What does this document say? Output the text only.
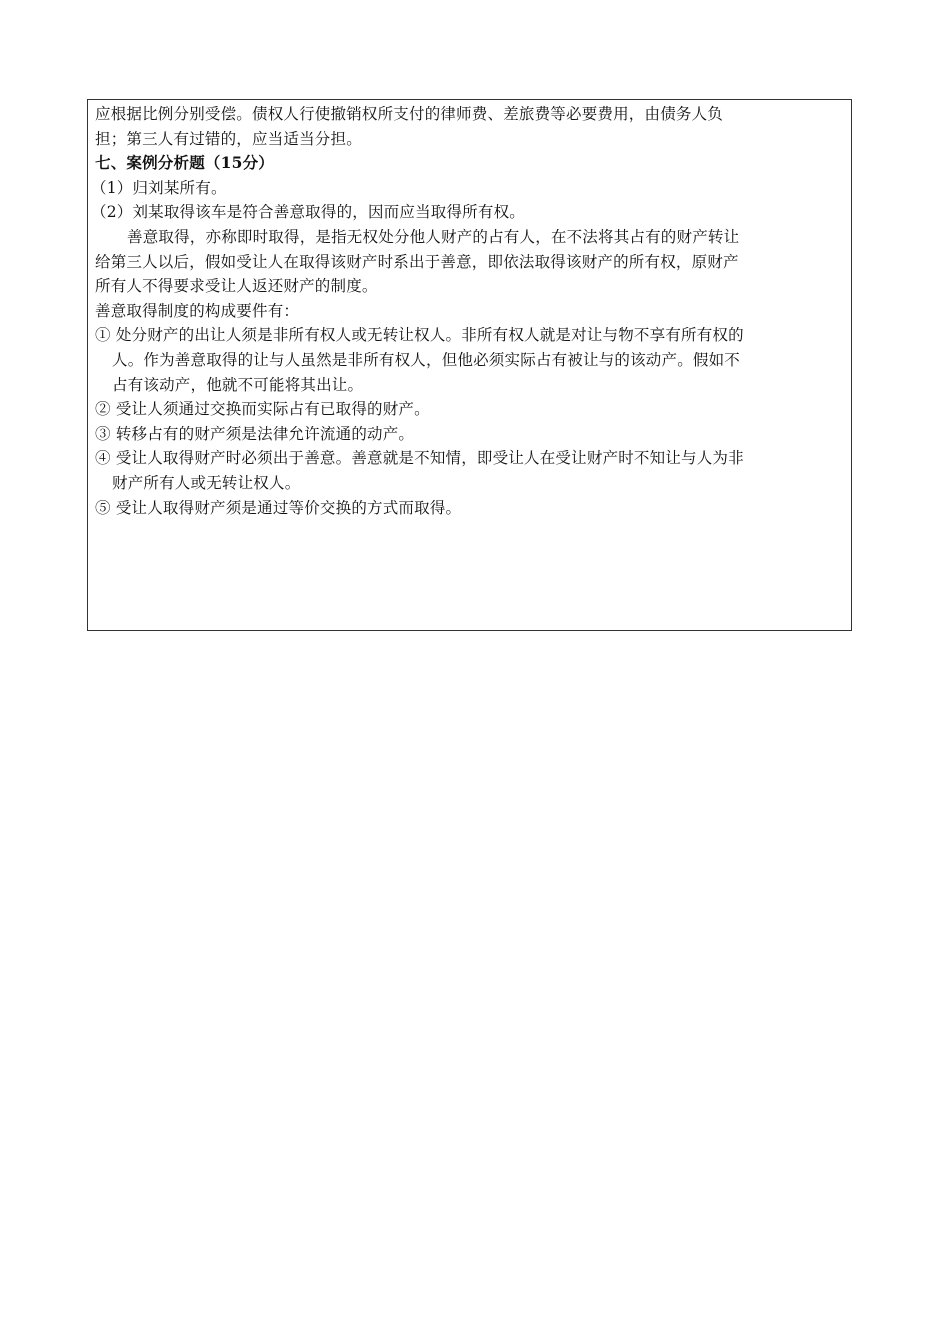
应根据比例分别受偿。债权人行使撤销权所支付的律师费、差旅费等必要费用，由债务人负
担；第三人有过错的，应当适当分担。
七、案例分析题（15分）
（1）归刘某所有。
（2）刘某取得该车是符合善意取得的，因而应当取得所有权。
善意取得，亦称即时取得，是指无权处分他人财产的占有人，在不法将其占有的财产转让
给第三人以后，假如受让人在取得该财产时系出于善意，即依法取得该财产的所有权，原财产
所有人不得要求受让人返还财产的制度。
善意取得制度的构成要件有：
① 处分财产的出让人须是非所有权人或无转让权人。非所有权人就是对让与物不享有所有权的
人。作为善意取得的让与人虽然是非所有权人，但他必须实际占有被让与的该动产。假如不
占有该动产，他就不可能将其出让。
② 受让人须通过交换而实际占有已取得的财产。
③ 转移占有的财产须是法律允许流通的动产。
④ 受让人取得财产时必须出于善意。善意就是不知情，即受让人在受让财产时不知让与人为非
财产所有人或无转让权人。
⑤ 受让人取得财产须是通过等价交换的方式而取得。
